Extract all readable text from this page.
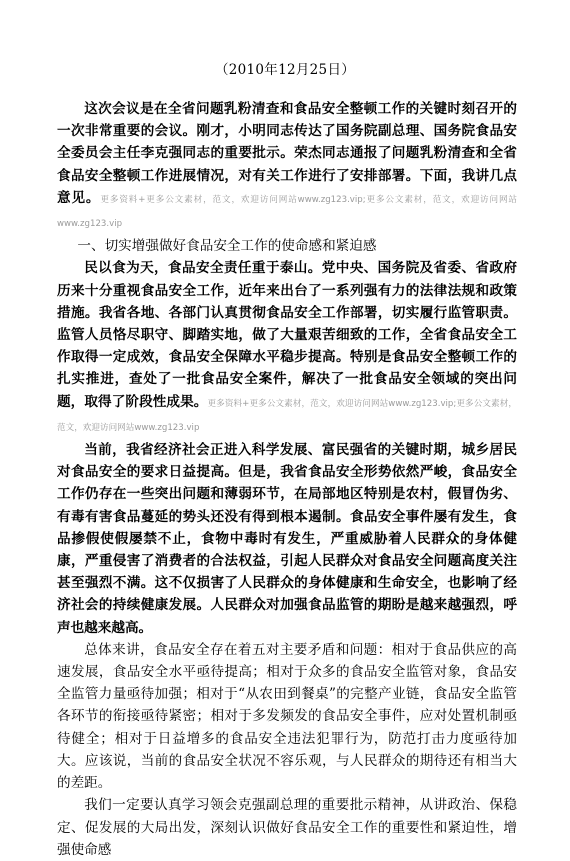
（2010年12月25日）

这次会议是在全省问题乳粉清查和食品安全整顿工作的关键时刻召开的一次非常重要的会议。刚才，小明同志传达了国务院副总理、国务院食品安全委员会主任李克强同志的重要批示。荣杰同志通报了问题乳粉清查和全省食品安全整顿工作进展情况，对有关工作进行了安排部署。下面，我讲几点意见。更多资料+更多公文素材，范文，欢迎访问网站www.zg123.vip;更多公文素材，范文，欢迎访问网站www.zg123.vip

一、切实增强做好食品安全工作的使命感和紧迫感

民以食为天，食品安全责任重于泰山。党中央、国务院及省委、省政府历来十分重视食品安全工作，近年来出台了一系列强有力的法律法规和政策措施。我省各地、各部门认真贯彻食品安全工作部署，切实履行监管职责。监管人员恪尽职守、脚踏实地，做了大量艰苦细致的工作，全省食品安全工作取得一定成效，食品安全保障水平稳步提高。特别是食品安全整顿工作的扎实推进，查处了一批食品安全案件，解决了一批食品安全领域的突出问题，取得了阶段性成果。更多资料+更多公文素材，范文，欢迎访问网站www.zg123.vip;更多公文素材，范文，欢迎访问网站www.zg123.vip

当前，我省经济社会正进入科学发展、富民强省的关键时期，城乡居民对食品安全的要求日益提高。但是，我省食品安全形势依然严峻，食品安全工作仍存在一些突出问题和薄弱环节，在局部地区特别是农村，假冒伪劣、有毒有害食品蔓延的势头还没有得到根本遏制。食品安全事件屡有发生，食品掺假使假屡禁不止，食物中毒时有发生，严重威胁着人民群众的身体健康，严重侵害了消费者的合法权益，引起人民群众对食品安全问题高度关注甚至强烈不满。这不仅损害了人民群众的身体健康和生命安全，也影响了经济社会的持续健康发展。人民群众对加强食品监管的期盼是越来越强烈，呼声也越来越高。

总体来讲，食品安全存在着五对主要矛盾和问题：相对于食品供应的高速发展，食品安全水平亟待提高；相对于众多的食品安全监管对象，食品安全监管力量亟待加强；相对于“从农田到餐桌”的完整产业链，食品安全监管各环节的衔接亟待紧密；相对于多发频发的食品安全事件，应对处置机制亟待健全；相对于日益增多的食品安全违法犯罪行为，防范打击力度亟待加大。应该说，当前的食品安全状况不容乐观，与人民群众的期待还有相当大的差距。

我们一定要认真学习领会克强副总理的重要批示精神，从讲政治、保稳定、促发展的大局出发，深刻认识做好食品安全工作的重要性和紧迫性，增强使命感
